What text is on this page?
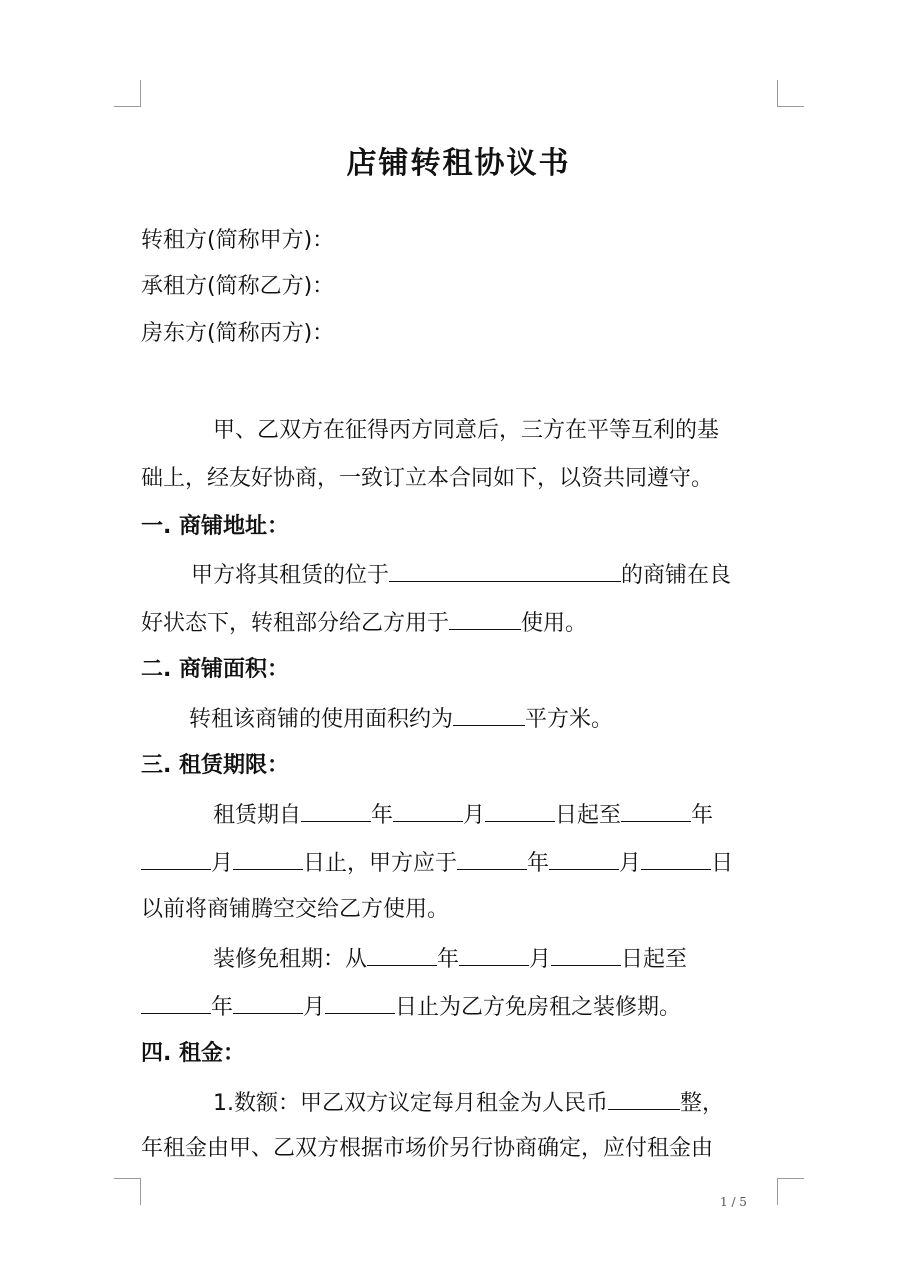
店铺转租协议书
转租方(简称甲方)：
承租方(简称乙方)：
房东方(简称丙方)：
甲、乙双方在征得丙方同意后，三方在平等互利的基
础上，经友好协商，一致订立本合同如下，以资共同遵守。
一. 商铺地址：
甲方将其租赁的位于	的商铺在良
好状态下，转租部分给乙方用于	使用。
二. 商铺面积：
转租该商铺的使用面积约为	平方米。
三. 租赁期限：
租赁期自	年	月	日起至	年
月	日止，甲方应于	年	月	日
以前将商铺腾空交给乙方使用。
装修免租期：从	年	月	日起至
年	月	日止为乙方免房租之装修期。
四. 租金：
1.数额：甲乙双方议定每月租金为人民币	整，
年租金由甲、乙双方根据市场价另行协商确定，应付租金由
1 / 5
